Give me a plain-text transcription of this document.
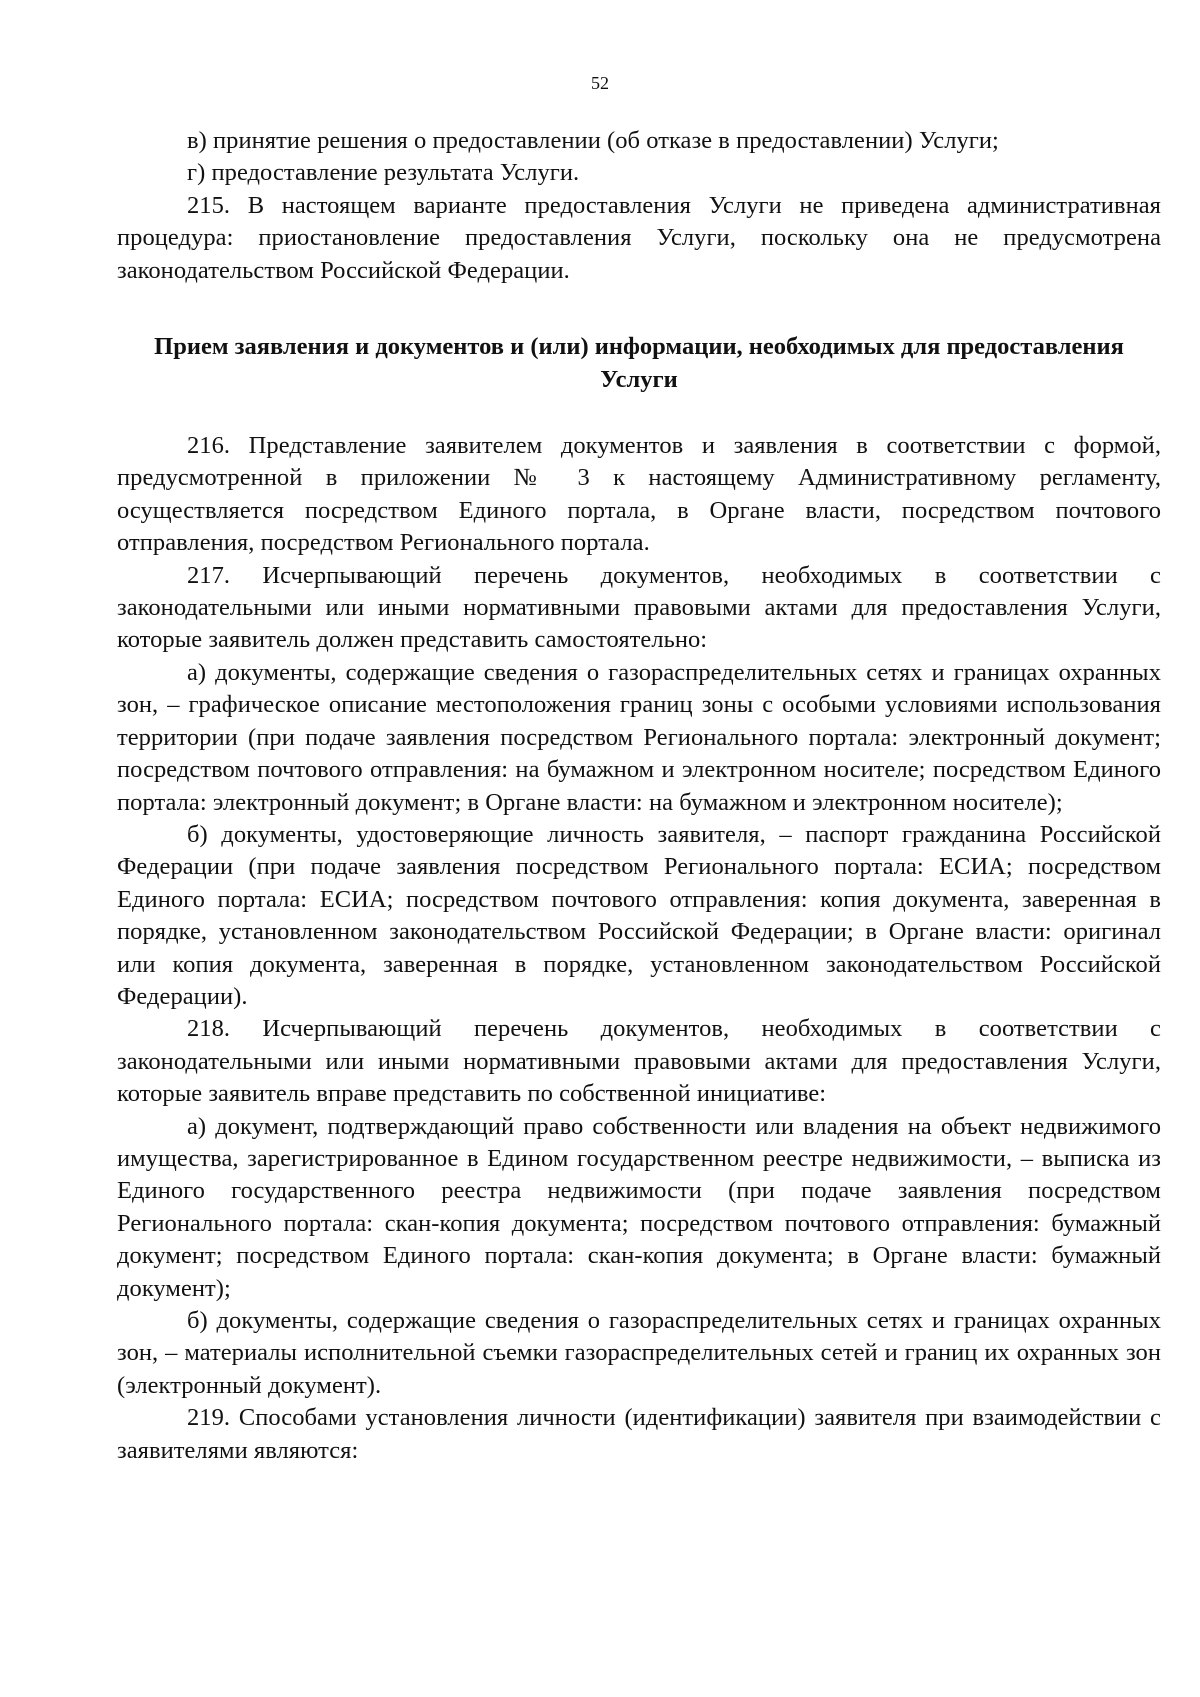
52

в) принятие решения о предоставлении (об отказе в предоставлении) Услуги;

г) предоставление результата Услуги.

215. В настоящем варианте предоставления Услуги не приведена административная процедура: приостановление предоставления Услуги, поскольку она не предусмотрена законодательством Российской Федерации.

Прием заявления и документов и (или) информации, необходимых для предоставления Услуги

216. Представление заявителем документов и заявления в соответствии с формой, предусмотренной в приложении № 3 к настоящему Административному регламенту, осуществляется посредством Единого портала, в Органе власти, посредством почтового отправления, посредством Регионального портала.

217. Исчерпывающий перечень документов, необходимых в соответствии с законодательными или иными нормативными правовыми актами для предоставления Услуги, которые заявитель должен представить самостоятельно:

а) документы, содержащие сведения о газораспределительных сетях и границах охранных зон, – графическое описание местоположения границ зоны с особыми условиями использования территории (при подаче заявления посредством Регионального портала: электронный документ; посредством почтового отправления: на бумажном и электронном носителе; посредством Единого портала: электронный документ; в Органе власти: на бумажном и электронном носителе);

б) документы, удостоверяющие личность заявителя, – паспорт гражданина Российской Федерации (при подаче заявления посредством Регионального портала: ЕСИА; посредством Единого портала: ЕСИА; посредством почтового отправления: копия документа, заверенная в порядке, установленном законодательством Российской Федерации; в Органе власти: оригинал или копия документа, заверенная в порядке, установленном законодательством Российской Федерации).

218. Исчерпывающий перечень документов, необходимых в соответствии с законодательными или иными нормативными правовыми актами для предоставления Услуги, которые заявитель вправе представить по собственной инициативе:

а) документ, подтверждающий право собственности или владения на объект недвижимого имущества, зарегистрированное в Едином государственном реестре недвижимости, – выписка из Единого государственного реестра недвижимости (при подаче заявления посредством Регионального портала: скан-копия документа; посредством почтового отправления: бумажный документ; посредством Единого портала: скан-копия документа; в Органе власти: бумажный документ);

б) документы, содержащие сведения о газораспределительных сетях и границах охранных зон, – материалы исполнительной съемки газораспределительных сетей и границ их охранных зон (электронный документ).

219. Способами установления личности (идентификации) заявителя при взаимодействии с заявителями являются:
